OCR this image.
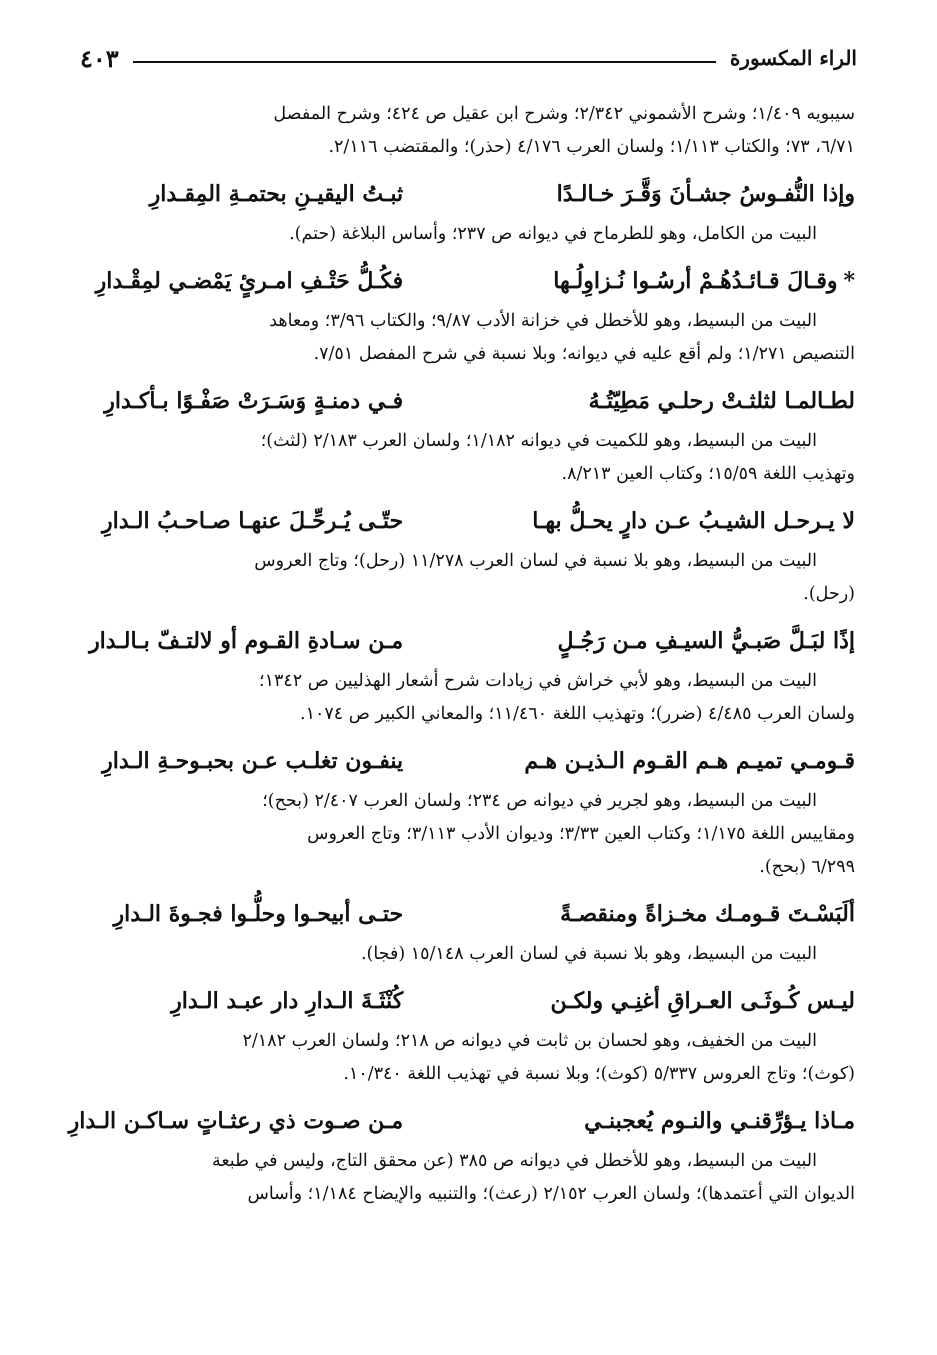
الراء المكسورة
٤٠٣

سيبويه ١/٤٠٩؛ وشرح الأشموني ٢/٣٤٢؛ وشرح ابن عقيل ص ٤٢٤؛ وشرح المفصل

٦/٧١، ٧٣؛ والكتاب ١/١١٣؛ ولسان العرب ٤/١٧٦ (حذر)؛ والمقتضب ٢/١١٦.

وإذا النُّفـوسُ جشـأنَ وَقَّـرَ خـالـدًا
ثبـتُ اليقيـنِ بحتمـةِ المِقـدارِ

البيت من الكامل، وهو للطرماح في ديوانه ص ٢٣٧؛ وأساس البلاغة (حتم).

*
وقـالَ قـائـدُهُـمْ أرسُـوا نُـزاوِلُـها
فكُـلُّ حَتْـفِ امـرئٍ يَمْضـي لمِقْـدارِ

البيت من البسيط، وهو للأخطل في خزانة الأدب ٩/٨٧؛ والكتاب ٣/٩٦؛ ومعاهد

التنصيص ١/٢٧١؛ ولم أقع عليه في ديوانه؛ وبلا نسبة في شرح المفصل ٧/٥١.

لطـالمـا لثلثـتْ رحلـي مَطِيّتُـهُ
فـي دمنـةٍ وَسَـرَتْ صَفْـوًا بـأكـدارِ

البيت من البسيط، وهو للكميت في ديوانه ١/١٨٢؛ ولسان العرب ٢/١٨٣ (لثث)؛

وتهذيب اللغة ١٥/٥٩؛ وكتاب العين ٨/٢١٣.

لا يـرحـل الشيـبُ عـن دارٍ يحـلُّ بهـا
حتّـى يُـرحِّـلَ عنهـا صـاحـبُ الـدارِ

البيت من البسيط، وهو بلا نسبة في لسان العرب ١١/٢٧٨ (رحل)؛ وتاج العروس

(رحل).

إذًا لبَـلَّ صَبـيُّ السيـفِ مـن رَجُـلٍ
مـن سـادةِ القـوم أو لالتـفّ بـالـدار

البيت من البسيط، وهو لأبي خراش في زيادات شرح أشعار الهذليين ص ١٣٤٢؛

ولسان العرب ٤/٤٨٥ (ضرر)؛ وتهذيب اللغة ١١/٤٦٠؛ والمعاني الكبير ص ١٠٧٤.

قـومـي تميـم هـم القـوم الـذيـن هـم
ينفـون تغلـب عـن بحبـوحـةِ الـدارِ

البيت من البسيط، وهو لجرير في ديوانه ص ٢٣٤؛ ولسان العرب ٢/٤٠٧ (بحح)؛

ومقاييس اللغة ١/١٧٥؛ وكتاب العين ٣/٣٣؛ وديوان الأدب ٣/١١٣؛ وتاج العروس

٦/٢٩٩ (بحح).

ألَبَسْـتَ قـومـك مخـزاةً ومنقصـةً
حتـى أبيحـوا وحلُّـوا فجـوةَ الـدارِ

البيت من البسيط، وهو بلا نسبة في لسان العرب ١٥/١٤٨ (فجا).

ليـس كُـوثَـى العـراقِ أغنِـي ولكـن
كُنْثَـةَ الـدارِ دار عبـد الـدارِ

البيت من الخفيف، وهو لحسان بن ثابت في ديوانه ص ٢١٨؛ ولسان العرب ٢/١٨٢

(كوث)؛ وتاج العروس ٥/٣٣٧ (كوث)؛ وبلا نسبة في تهذيب اللغة ١٠/٣٤٠.

مـاذا يـؤرِّقنـي والنـوم يُعجبنـي
مـن صـوت ذي رعثـاتٍ سـاكـن الـدارِ

البيت من البسيط، وهو للأخطل في ديوانه ص ٣٨٥ (عن محقق التاج، وليس في طبعة

الديوان التي أعتمدها)؛ ولسان العرب ٢/١٥٢ (رعث)؛ والتنبيه والإيضاح ١/١٨٤؛ وأساس
